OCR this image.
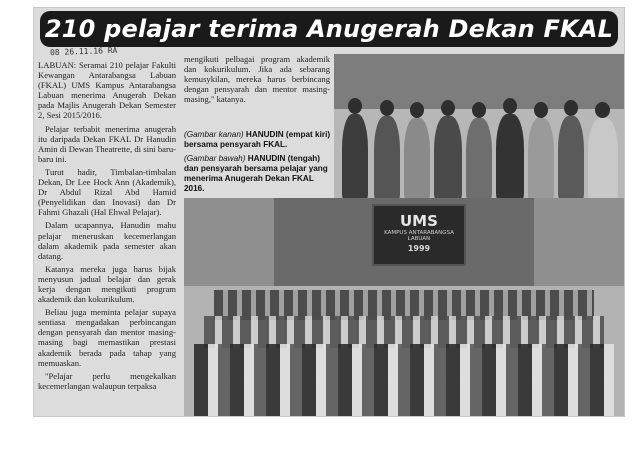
210 pelajar terima Anugerah Dekan FKAL
08 26.11.16 RA

LABUAN: Seramai 210 pelajar Fakulti Kewangan Antarabangsa Labuan (FKAL) UMS Kampus Antarabangsa Labuan menerima Anugerah Dekan pada Majlis Anugerah Dekan Semester 2, Sesi 2015/2016.

Pelajar terbabit menerima anugerah itu daripada Dekan FKAL Dr Hanudin Amin di Dewan Theatrette, di sini baru-baru ini.

Turut hadir, Timbalan-timbalan Dekan, Dr Lee Hock Ann (Akademik), Dr Abdul Rizal Abd Hamid (Penyelidikan dan Inovasi) dan Dr Fahmi Ghazali (Hal Ehwal Pelajar).

Dalam ucapannya, Hanudin mahu pelajar meneruskan kecemerlangan dalam akademik pada semester akan datang.

Katanya mereka juga harus bijak menyusun jadual belajar dan gerak kerja dengan mengikuti program akademik dan kokurikulum.

Beliau juga meminta pelajar supaya sentiasa mengadakan perbincangan dengan pensyarah dan mentor masing-masing bagi memastikan prestasi akademik berada pada tahap yang memuaskan.

"Pelajar perlu mengekalkan kecemerlangan walaupun terpaksa

mengikuti pelbagai program akademik dan kokurikulum. Jika ada sebarang kemusykilan, mereka harus berbincang dengan pensyarah dan mentor masing-masing," katanya.

(Gambar kanan) HANUDIN (empat kiri) bersama pensyarah FKAL.
(Gambar bawah) HANUDIN (tengah) dan pensyarah bersama pelajar yang menerima Anugerah Dekan FKAL 2016.
UMS
KAMPUS ANTARABANGSA LABUAN
1999
